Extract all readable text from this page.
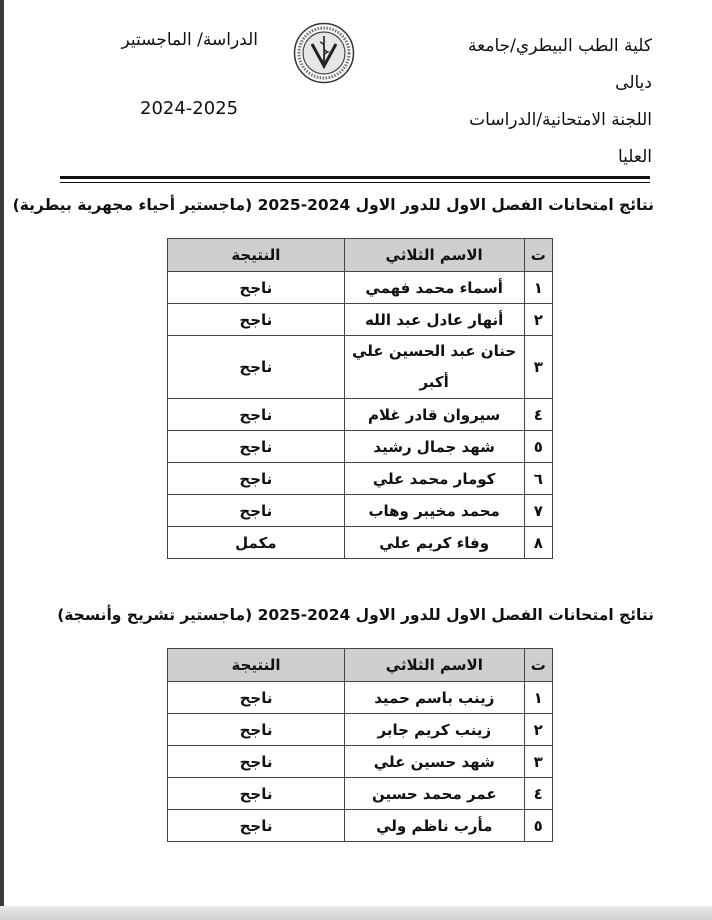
كلية الطب البيطري/جامعة
ديالى
اللجنة الامتحانية/الدراسات
العليا
الدراسة/ الماجستير
2024-2025
نتائج امتحانات الفصل الاول للدور الاول 2024-2025 (ماجستير أحياء مجهرية بيطرية)
ت	الاسم الثلاثي	النتيجة
١	أسماء محمد فهمي	ناجح
٢	أنهار عادل عبد الله	ناجح
٣	حنان عبد الحسين علي أكبر	ناجح
٤	سيروان قادر غلام	ناجح
٥	شهد جمال رشيد	ناجح
٦	كومار محمد علي	ناجح
٧	محمد مخيبر وهاب	ناجح
٨	وفاء كريم علي	مكمل
نتائج امتحانات الفصل الاول للدور الاول 2024-2025 (ماجستير تشريح وأنسجة)
ت	الاسم الثلاثي	النتيجة
١	زينب باسم حميد	ناجح
٢	زينب كريم جابر	ناجح
٣	شهد حسين علي	ناجح
٤	عمر محمد حسين	ناجح
٥	مأرب ناظم ولي	ناجح
